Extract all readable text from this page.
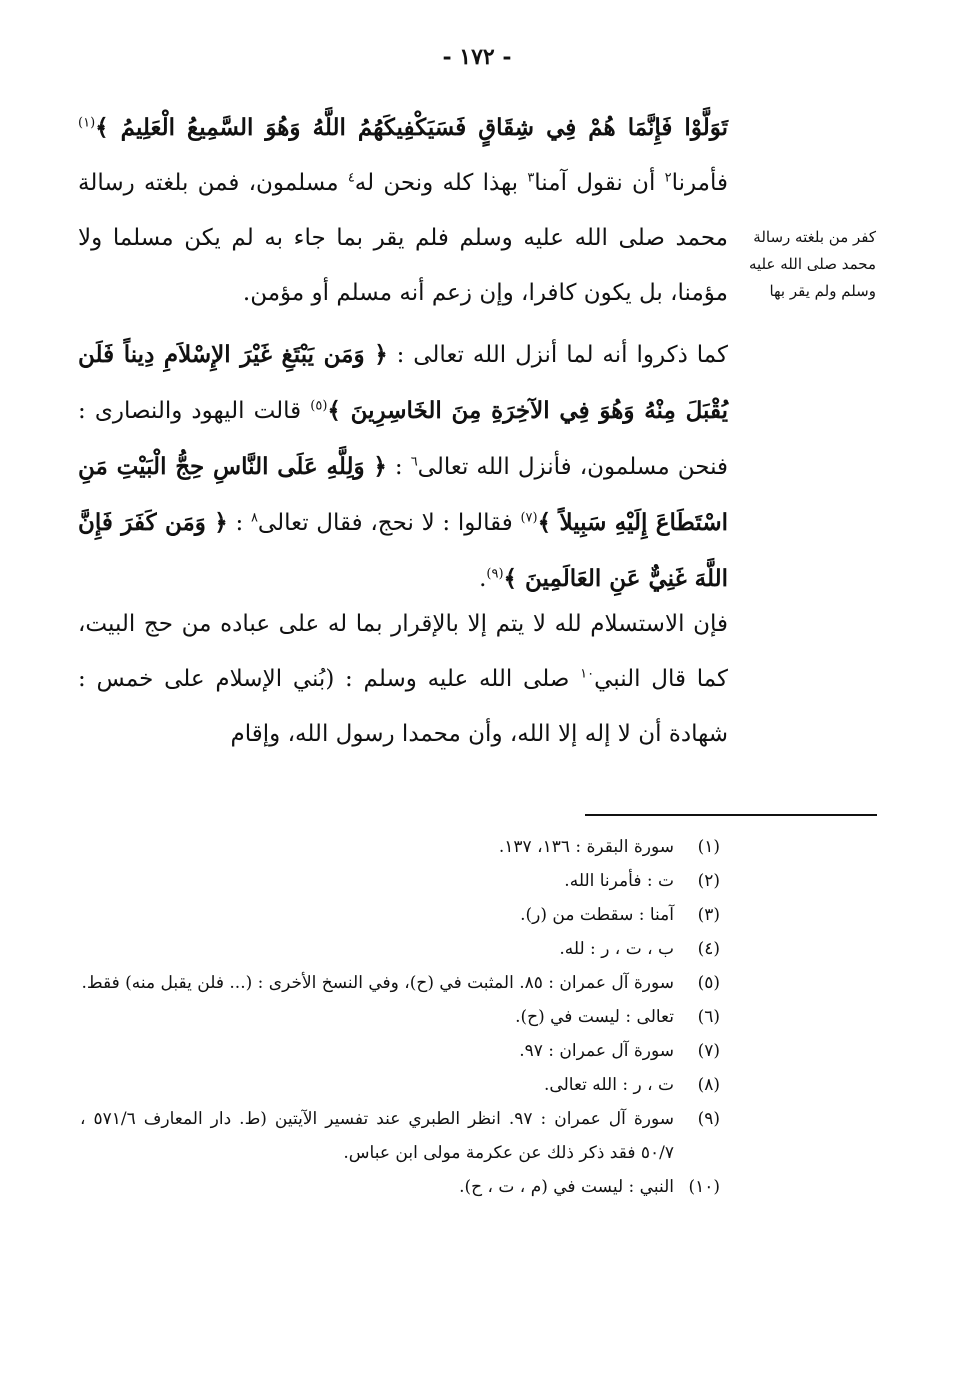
- ١٧٢ -

تَوَلَّوْا فَإِنَّمَا هُمْ فِي شِقَاقٍ فَسَيَكْفِيكَهُمُ اللَّهُ وَهُوَ السَّمِيعُ الْعَلِيمُ ﴾$^{(١)}$ فأمرنا$^٢$ أن نقول آمنا$^٣$ بهذا كله ونحن له$^٤$ مسلمون، فمن بلغته رسالة محمد صلى الله عليه وسلم فلم يقر بما جاء به لم يكن مسلما ولا مؤمنا، بل يكون كافرا، وإن زعم أنه مسلم أو مؤمن.

كفر من بلغته رسالة محمد صلى الله عليه وسلم ولم يقر بها

كما ذكروا أنه لما أنزل الله تعالى : ﴿ وَمَن يَبْتَغِ غَيْرَ الإِسْلاَمِ دِيناً فَلَن يُقْبَلَ مِنْهُ وَهُوَ فِي الآخِرَةِ مِنَ الخَاسِرِينَ ﴾$^{(٥)}$ قالت اليهود والنصارى : فنحن مسلمون، فأنزل الله تعالى$^٦$ : ﴿ وَلِلَّهِ عَلَى النَّاسِ حِجُّ الْبَيْتِ مَنِ اسْتَطَاعَ إِلَيْهِ سَبِيلاً ﴾$^{(٧)}$ فقالوا : لا نحج، فقال تعالى$^٨$ : ﴿ وَمَن كَفَرَ فَإِنَّ اللَّهَ غَنِيٌّ عَنِ العَالَمِينَ ﴾$^{(٩)}$.

فإن الاستسلام لله لا يتم إلا بالإقرار بما له على عباده من حج البيت، كما قال النبي$^{١٠}$ صلى الله عليه وسلم : (بُني الإسلام على خمس : شهادة أن لا إله إلا الله، وأن محمدا رسول الله، وإقام

(١)
سورة البقرة : ١٣٦، ١٣٧.
(٢)
ت : فأمرنا الله.
(٣)
آمنا : سقطت من (ر).
(٤)
ب ، ت ، ر : لله.
(٥)
سورة آل عمران : ٨٥. المثبت في (ح)، وفي النسخ الأخرى : (... فلن يقبل منه) فقط.
(٦)
تعالى : ليست في (ح).
(٧)
سورة آل عمران : ٩٧.
(٨)
ت ، ر : الله تعالى.
(٩)
سورة آل عمران : ٩٧. انظر الطبري عند تفسير الآيتين (ط. دار المعارف ٥٧١/٦ ، ٥٠/٧ فقد ذكر ذلك عن عكرمة مولى ابن عباس.
(١٠)
النبي : ليست في (م ، ت ، ح).
